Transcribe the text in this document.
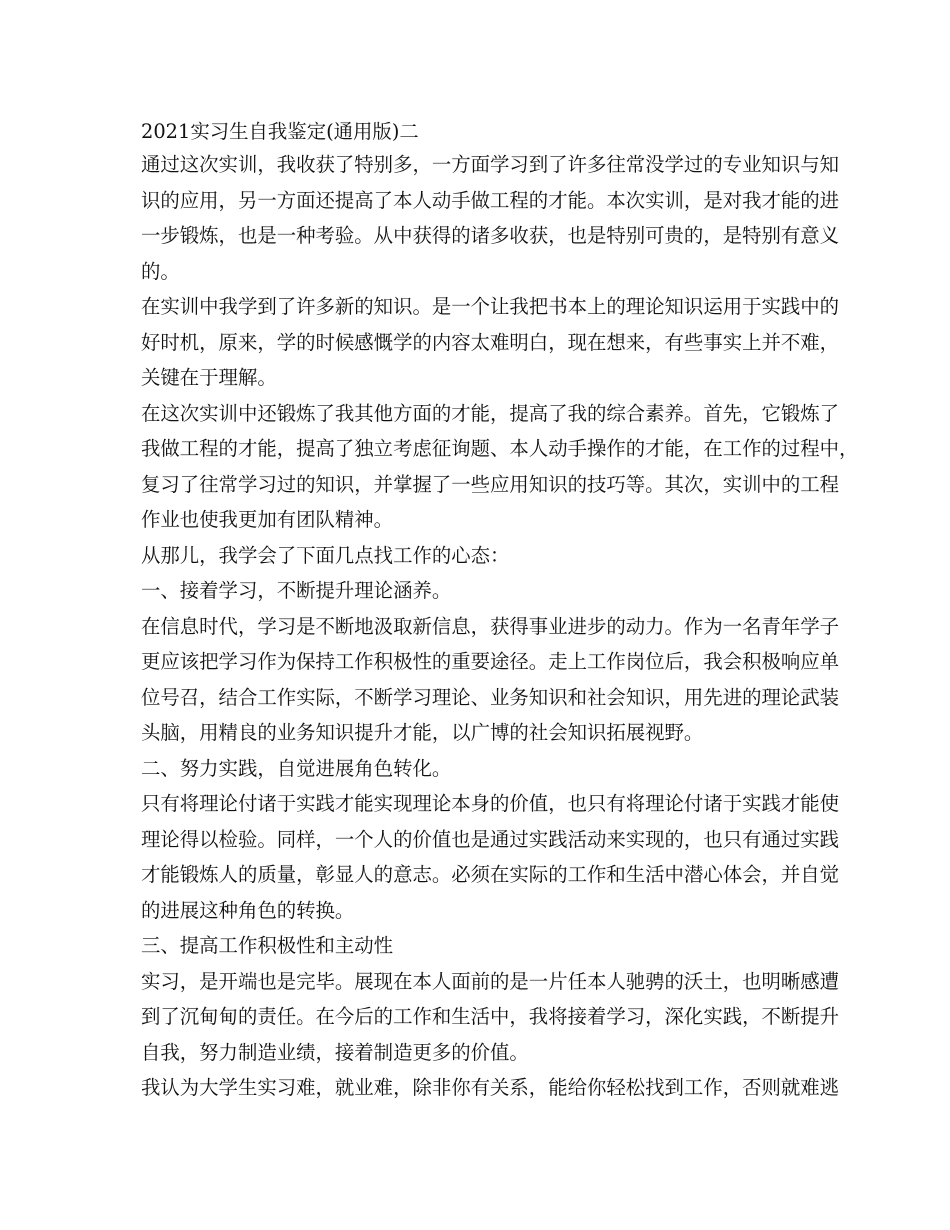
2021实习生自我鉴定(通用版)二
通过这次实训，我收获了特别多，一方面学习到了许多往常没学过的专业知识与知
识的应用，另一方面还提高了本人动手做工程的才能。本次实训，是对我才能的进
一步锻炼，也是一种考验。从中获得的诸多收获，也是特别可贵的，是特别有意义
的。
在实训中我学到了许多新的知识。是一个让我把书本上的理论知识运用于实践中的
好时机，原来，学的时候感慨学的内容太难明白，现在想来，有些事实上并不难，
关键在于理解。
在这次实训中还锻炼了我其他方面的才能，提高了我的综合素养。首先，它锻炼了
我做工程的才能，提高了独立考虑征询题、本人动手操作的才能，在工作的过程中，
复习了往常学习过的知识，并掌握了一些应用知识的技巧等。其次，实训中的工程
作业也使我更加有团队精神。
从那儿，我学会了下面几点找工作的心态：
一、接着学习，不断提升理论涵养。
在信息时代，学习是不断地汲取新信息，获得事业进步的动力。作为一名青年学子
更应该把学习作为保持工作积极性的重要途径。走上工作岗位后，我会积极响应单
位号召，结合工作实际，不断学习理论、业务知识和社会知识，用先进的理论武装
头脑，用精良的业务知识提升才能，以广博的社会知识拓展视野。
二、努力实践，自觉进展角色转化。
只有将理论付诸于实践才能实现理论本身的价值，也只有将理论付诸于实践才能使
理论得以检验。同样，一个人的价值也是通过实践活动来实现的，也只有通过实践
才能锻炼人的质量，彰显人的意志。必须在实际的工作和生活中潜心体会，并自觉
的进展这种角色的转换。
三、提高工作积极性和主动性
实习，是开端也是完毕。展现在本人面前的是一片任本人驰骋的沃土，也明晰感遭
到了沉甸甸的责任。在今后的工作和生活中，我将接着学习，深化实践，不断提升
自我，努力制造业绩，接着制造更多的价值。
我认为大学生实习难，就业难，除非你有关系，能给你轻松找到工作，否则就难逃
